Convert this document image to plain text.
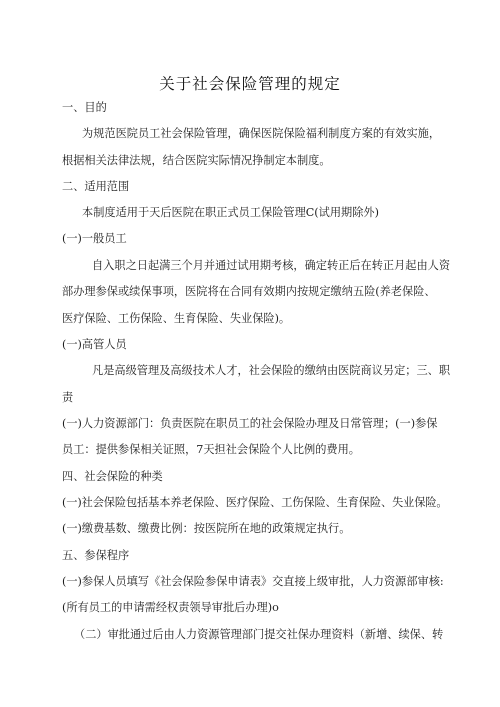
关于社会保险管理的规定
一、目的
为规范医院员工社会保险管理，确保医院保险福利制度方案的有效实施，
根据相关法律法规，结合医院实际情况挣制定本制度。
二、适用范围
本制度适用于天后医院在职正式员工保险管理C(试用期除外)
(一)一般员工
自入职之日起满三个月并通过试用期考核，确定转正后在转正月起由人资
部办理参保或续保事项，医院将在合同有效期内按规定缴纳五险(养老保险、
医疗保险、工伤保险、生育保险、失业保险)。
(一)高管人员
凡是高级管理及高级技术人才，社会保险的缴纳由医院商议另定；三、职
责
(一)人力资源部门：负责医院在职员工的社会保险办理及日常管理；(一)参保
员工：提供参保相关证照，7天担社会保险个人比例的费用。
四、社会保险的种类
(一)社会保险包括基本养老保险、医疗保险、工伤保险、生育保险、失业保险。
(一)缴费基数、缴费比例：按医院所在地的政策规定执行。
五、参保程序
(一)参保人员填写《社会保险参保申请表》交直接上级审批，人力资源部审核:
(所有员工的申请需经权责领导审批后办理)o
（二）审批通过后由人力资源管理部门提交社保办理资料（新增、续保、转
